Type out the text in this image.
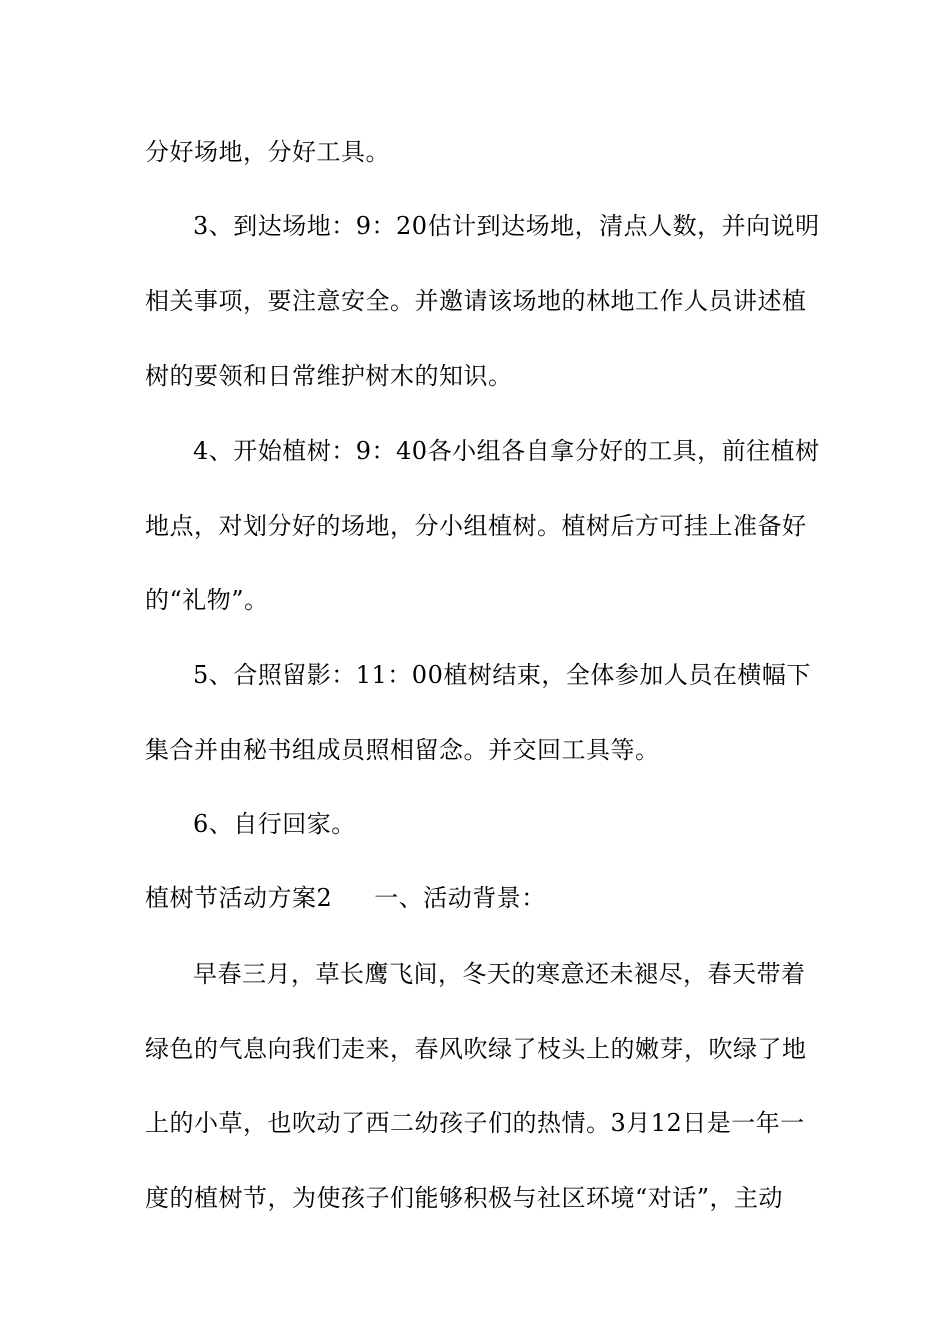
分好场地，分好工具。
3、到达场地：9：20估计到达场地，清点人数，并向说明
相关事项，要注意安全。并邀请该场地的林地工作人员讲述植
树的要领和日常维护树木的知识。
4、开始植树：9：40各小组各自拿分好的工具，前往植树
地点，对划分好的场地，分小组植树。植树后方可挂上准备好
的“礼物”。
5、合照留影：11：00植树结束，全体参加人员在横幅下
集合并由秘书组成员照相留念。并交回工具等。
6、自行回家。
植树节活动方案2 一、活动背景：
早春三月，草长鹰飞间，冬天的寒意还未褪尽，春天带着
绿色的气息向我们走来，春风吹绿了枝头上的嫩芽，吹绿了地
上的小草，也吹动了西二幼孩子们的热情。3月12日是一年一
度的植树节，为使孩子们能够积极与社区环境“对话”，主动
